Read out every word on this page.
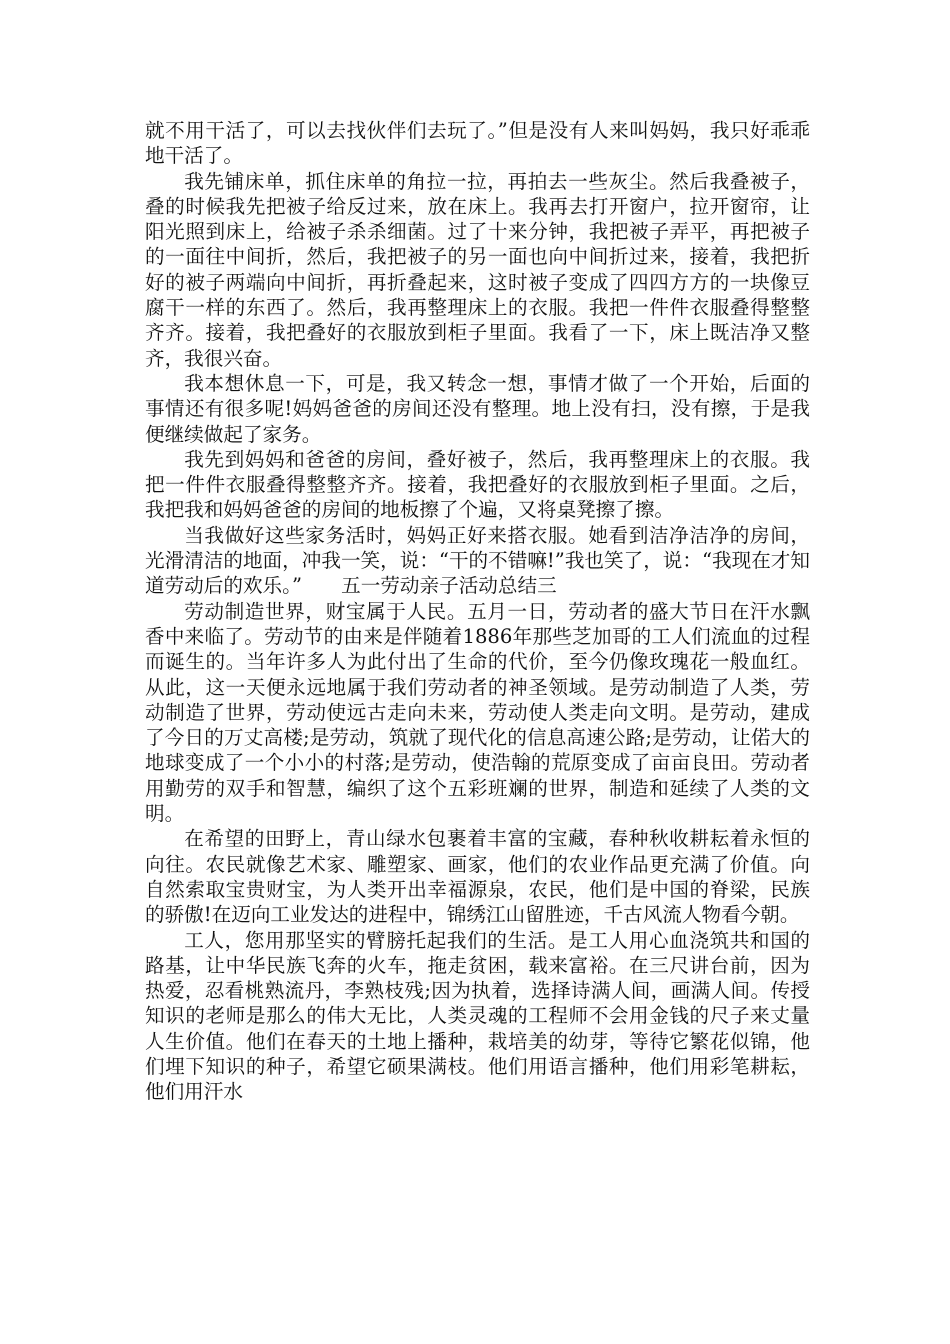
就不用干活了，可以去找伙伴们去玩了。”但是没有人来叫妈妈，我只好乖乖地干活了。

我先铺床单，抓住床单的角拉一拉，再拍去一些灰尘。然后我叠被子，叠的时候我先把被子给反过来，放在床上。我再去打开窗户，拉开窗帘，让阳光照到床上，给被子杀杀细菌。过了十来分钟，我把被子弄平，再把被子的一面往中间折，然后，我把被子的另一面也向中间折过来，接着，我把折好的被子两端向中间折，再折叠起来，这时被子变成了四四方方的一块像豆腐干一样的东西了。然后，我再整理床上的衣服。我把一件件衣服叠得整整齐齐。接着，我把叠好的衣服放到柜子里面。我看了一下，床上既洁净又整齐，我很兴奋。

我本想休息一下，可是，我又转念一想，事情才做了一个开始，后面的事情还有很多呢!妈妈爸爸的房间还没有整理。地上没有扫，没有擦，于是我便继续做起了家务。

我先到妈妈和爸爸的房间，叠好被子，然后，我再整理床上的衣服。我把一件件衣服叠得整整齐齐。接着，我把叠好的衣服放到柜子里面。之后，我把我和妈妈爸爸的房间的地板擦了个遍，又将桌凳擦了擦。

当我做好这些家务活时，妈妈正好来搭衣服。她看到洁净洁净的房间，光滑清洁的地面，冲我一笑，说：“干的不错嘛!”我也笑了，说：“我现在才知道劳动后的欢乐。”　　五一劳动亲子活动总结三

劳动制造世界，财宝属于人民。五月一日，劳动者的盛大节日在汗水飘香中来临了。劳动节的由来是伴随着1886年那些芝加哥的工人们流血的过程而诞生的。当年许多人为此付出了生命的代价，至今仍像玫瑰花一般血红。从此，这一天便永远地属于我们劳动者的神圣领域。是劳动制造了人类，劳动制造了世界，劳动使远古走向未来，劳动使人类走向文明。是劳动，建成了今日的万丈高楼;是劳动，筑就了现代化的信息高速公路;是劳动，让偌大的地球变成了一个小小的村落;是劳动，使浩翰的荒原变成了亩亩良田。劳动者用勤劳的双手和智慧，编织了这个五彩班斓的世界，制造和延续了人类的文明。

在希望的田野上，青山绿水包裹着丰富的宝藏，春种秋收耕耘着永恒的向往。农民就像艺术家、雕塑家、画家，他们的农业作品更充满了价值。向自然索取宝贵财宝，为人类开出幸福源泉，农民，他们是中国的脊梁，民族的骄傲!在迈向工业发达的进程中，锦绣江山留胜迹，千古风流人物看今朝。

工人，您用那坚实的臂膀托起我们的生活。是工人用心血浇筑共和国的路基，让中华民族飞奔的火车，拖走贫困，载来富裕。在三尺讲台前，因为热爱，忍看桃熟流丹，李熟枝残;因为执着，选择诗满人间，画满人间。传授知识的老师是那么的伟大无比，人类灵魂的工程师不会用金钱的尺子来丈量人生价值。他们在春天的土地上播种，栽培美的幼芽，等待它繁花似锦，他们埋下知识的种子，希望它硕果满枝。他们用语言播种，他们用彩笔耕耘，他们用汗水
